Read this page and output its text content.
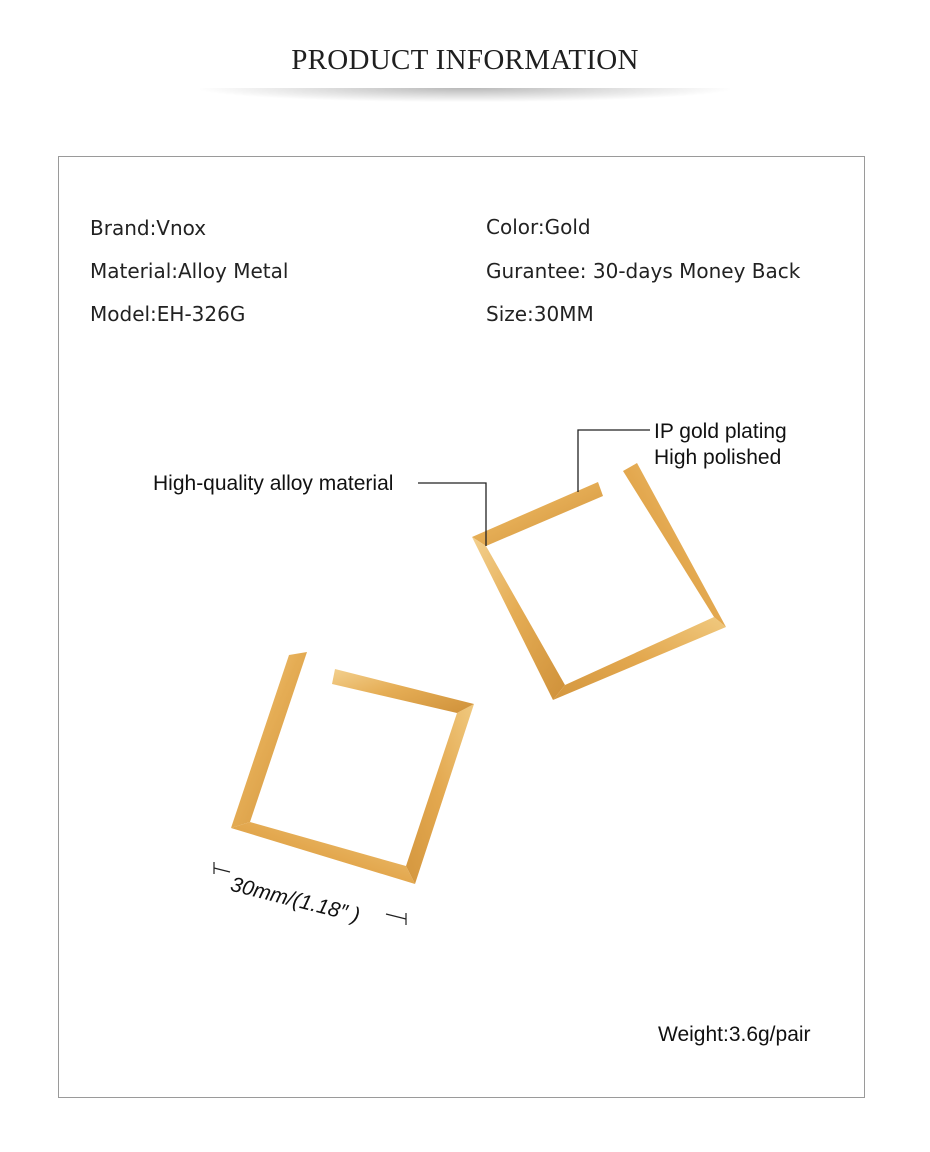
PRODUCT INFORMATION
Brand:Vnox
Material:Alloy Metal
Model:EH-326G
Color:Gold
Gurantee: 30-days Money Back
Size:30MM
IP gold plating
High polished
High-quality alloy material
30mm/(1.18″ )
Weight:3.6g/pair
